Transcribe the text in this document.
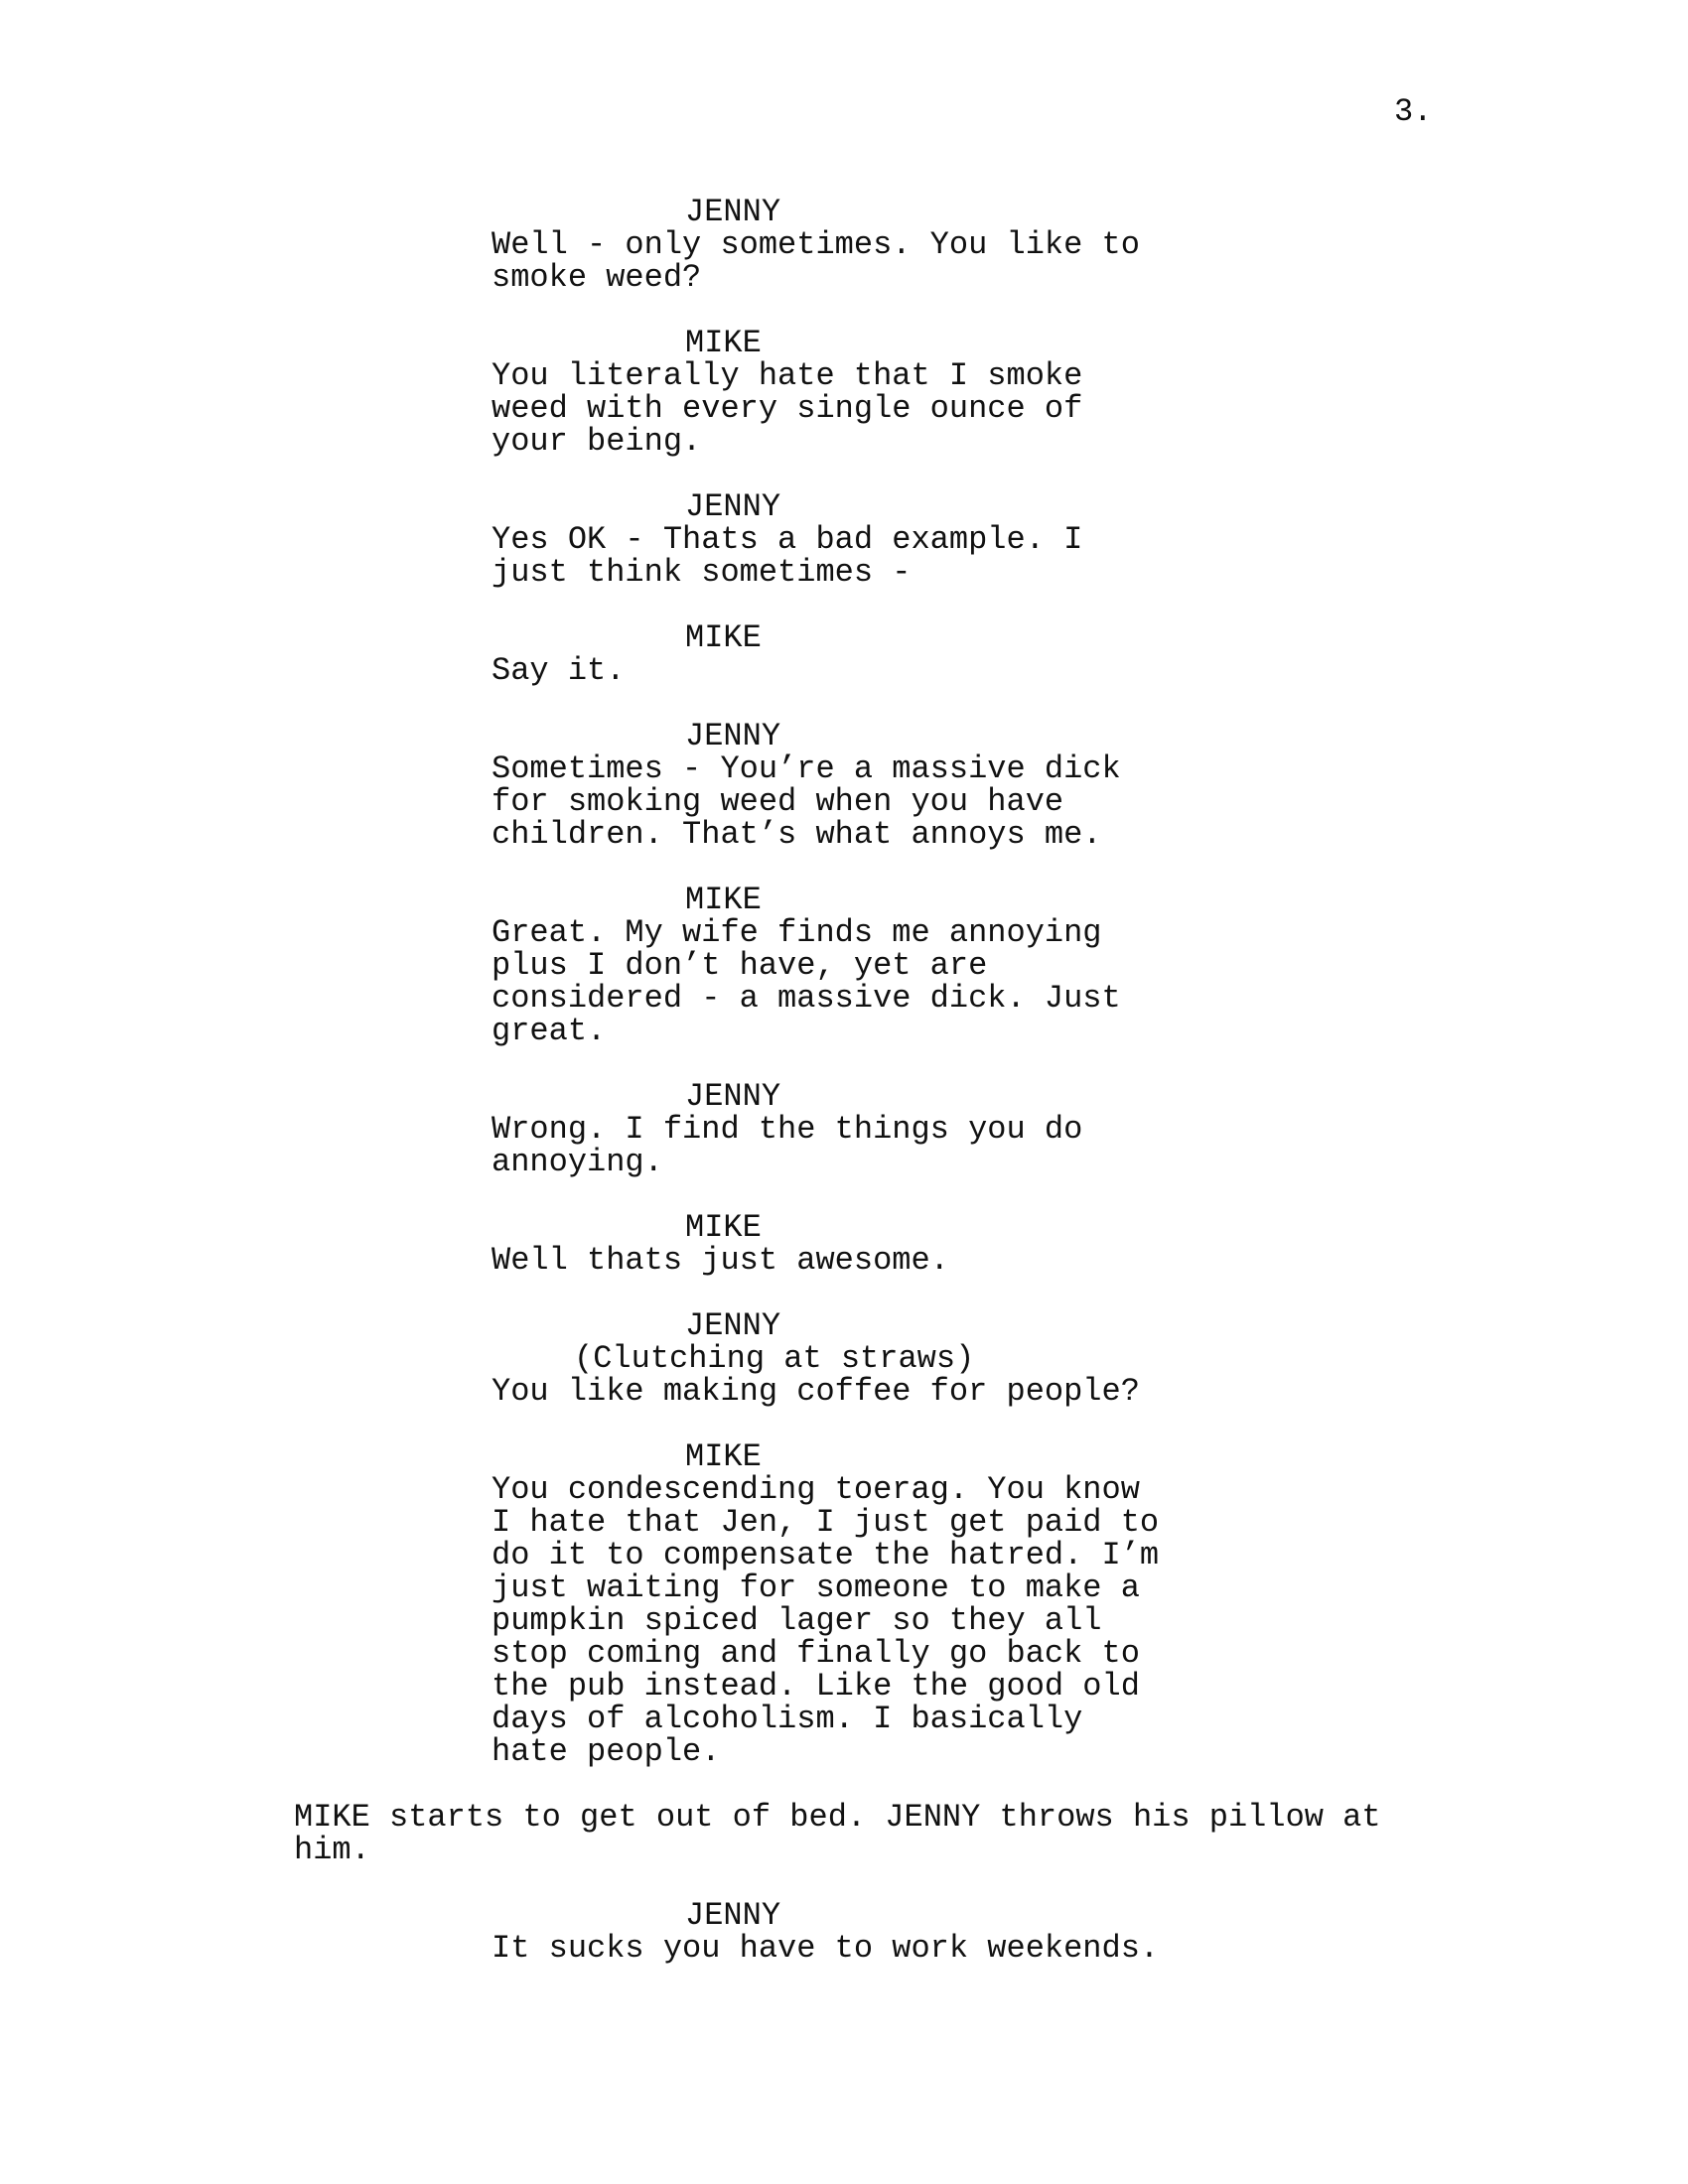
3.
JENNY
Well - only sometimes. You like to
smoke weed?
MIKE
You literally hate that I smoke
weed with every single ounce of
your being.
JENNY
Yes OK - Thats a bad example. I
just think sometimes -
MIKE
Say it.
JENNY
Sometimes - You’re a massive dick
for smoking weed when you have
children. That’s what annoys me.
MIKE
Great. My wife finds me annoying
plus I don’t have, yet are
considered - a massive dick. Just
great.
JENNY
Wrong. I find the things you do
annoying.
MIKE
Well thats just awesome.
JENNY
(Clutching at straws)
You like making coffee for people?
MIKE
You condescending toerag. You know
I hate that Jen, I just get paid to
do it to compensate the hatred. I’m
just waiting for someone to make a
pumpkin spiced lager so they all
stop coming and finally go back to
the pub instead. Like the good old
days of alcoholism. I basically
hate people.
MIKE starts to get out of bed. JENNY throws his pillow at
him.
JENNY
It sucks you have to work weekends.
